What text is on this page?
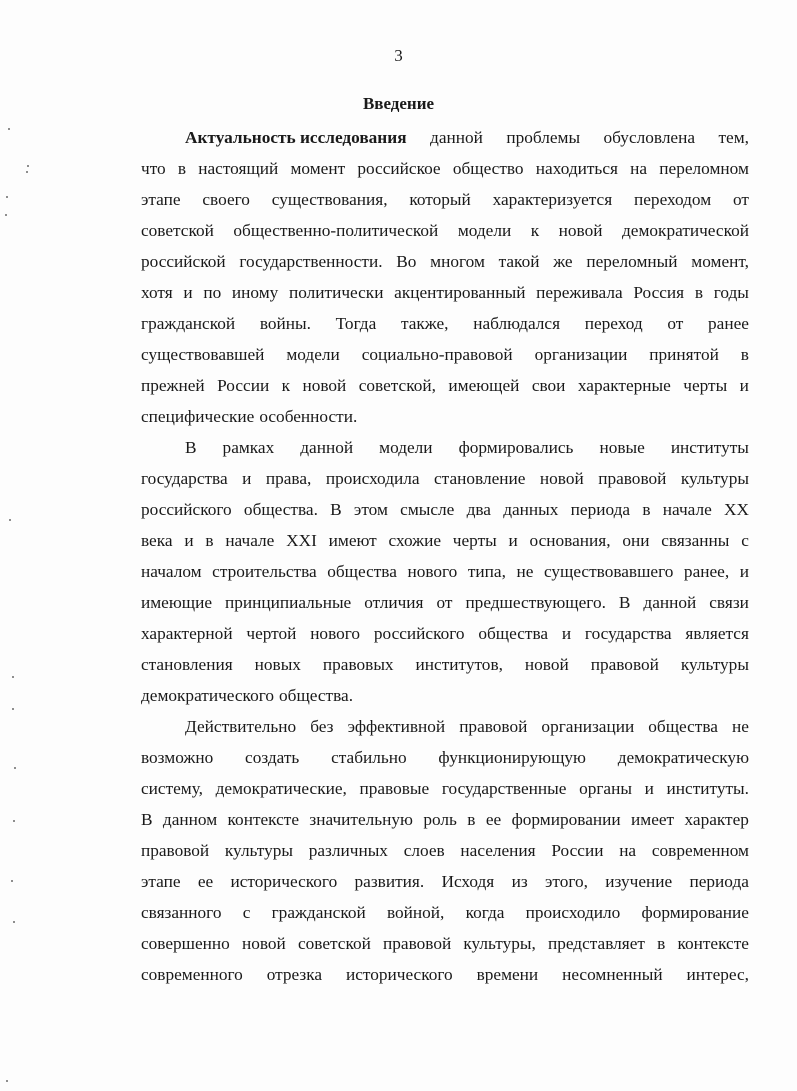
3
Введение
Актуальность исследования данной проблемы обусловлена тем,
что в настоящий момент российское общество находиться на переломном
этапе своего существования, который характеризуется переходом от
советской общественно-политической модели к новой демократической
российской государственности. Во многом такой же переломный момент,
хотя и по иному политически акцентированный переживала Россия в годы
гражданской войны. Тогда также, наблюдался переход от ранее
существовавшей модели социально-правовой организации принятой в
прежней России к новой советской, имеющей свои характерные черты и
специфические особенности.
В рамках данной модели формировались новые институты
государства и права, происходила становление новой правовой культуры
российского общества. В этом смысле два данных периода в начале XX
века и в начале XXI имеют схожие черты и основания, они связанны с
началом строительства общества нового типа, не существовавшего ранее, и
имеющие принципиальные отличия от предшествующего. В данной связи
характерной чертой нового российского общества и государства является
становления новых правовых институтов, новой правовой культуры
демократического общества.
Действительно без эффективной правовой организации общества не
возможно создать стабильно функционирующую демократическую
систему, демократические, правовые государственные органы и институты.
В данном контексте значительную роль в ее формировании имеет характер
правовой культуры различных слоев населения России на современном
этапе ее исторического развития. Исходя из этого, изучение периода
связанного с гражданской войной, когда происходило формирование
совершенно новой советской правовой культуры, представляет в контексте
современного отрезка исторического времени несомненный интерес,
